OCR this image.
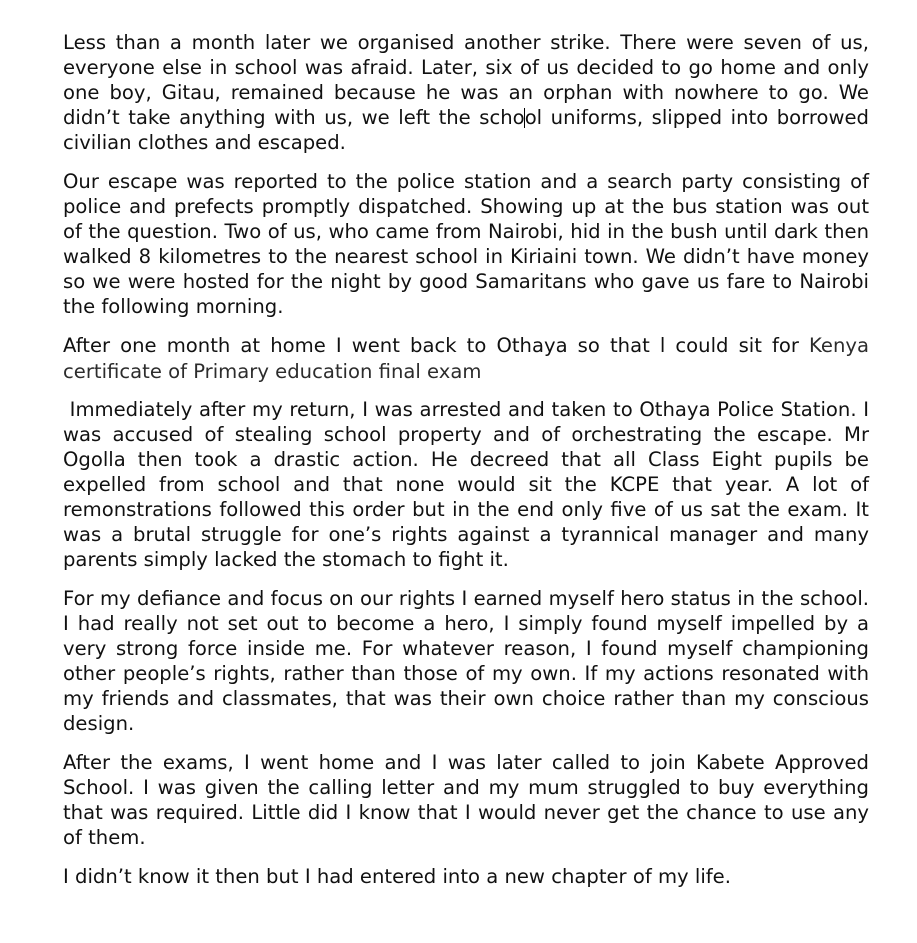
Less than a month later we organised another strike. There were seven of us, everyone else in school was afraid. Later, six of us decided to go home and only one boy, Gitau, remained because he was an orphan with nowhere to go. We didn’t take anything with us, we left the school uniforms, slipped into borrowed civilian clothes and escaped.

Our escape was reported to the police station and a search party consisting of police and prefects promptly dispatched. Showing up at the bus station was out of the question. Two of us, who came from Nairobi, hid in the bush until dark then walked 8 kilometres to the nearest school in Kiriaini town. We didn’t have money so we were hosted for the night by good Samaritans who gave us fare to Nairobi the following morning.

After one month at home I went back to Othaya so that l could sit for Kenya certificate of Primary education final exam

Immediately after my return, I was arrested and taken to Othaya Police Station. I was accused of stealing school property and of orchestrating the escape. Mr Ogolla then took a drastic action. He decreed that all Class Eight pupils be expelled from school and that none would sit the KCPE that year. A lot of remonstrations followed this order but in the end only five of us sat the exam. It was a brutal struggle for one’s rights against a tyrannical manager and many parents simply lacked the stomach to fight it.

For my defiance and focus on our rights I earned myself hero status in the school. I had really not set out to become a hero, I simply found myself impelled by a very strong force inside me. For whatever reason, I found myself championing other people’s rights, rather than those of my own. If my actions resonated with my friends and classmates, that was their own choice rather than my conscious design.

After the exams, I went home and I was later called to join Kabete Approved School. I was given the calling letter and my mum struggled to buy everything that was required. Little did I know that I would never get the chance to use any of them.

I didn’t know it then but I had entered into a new chapter of my life.
